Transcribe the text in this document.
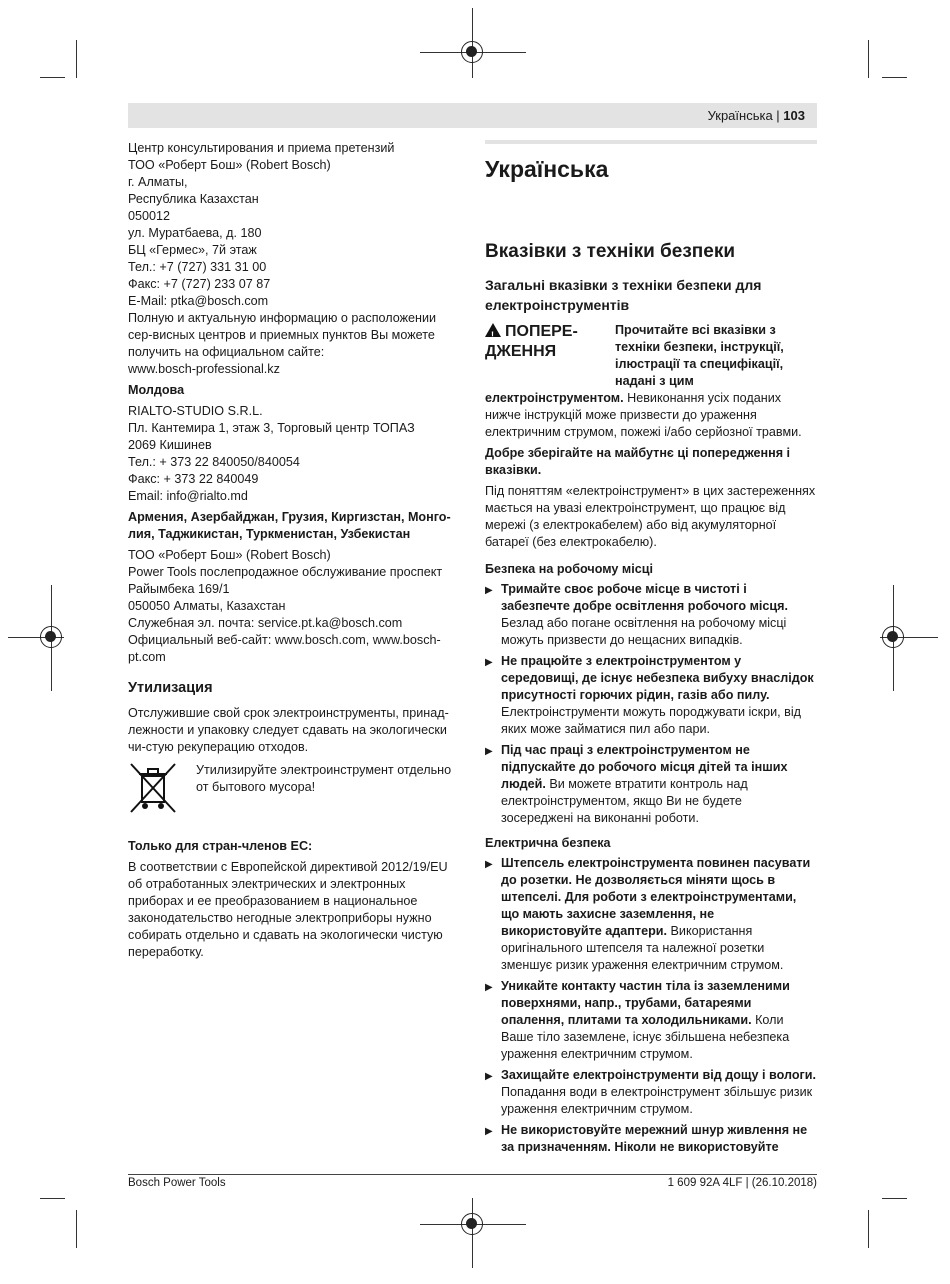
Українська | 103

Центр консультирования и приема претензий

ТОО «Роберт Бош» (Robert Bosch)

г. Алматы,

Республика Казахстан

050012

ул. Муратбаева, д. 180

БЦ «Гермес», 7й этаж

Тел.: +7 (727) 331 31 00

Факс: +7 (727) 233 07 87

E-Mail: ptka@bosch.com

Полную и актуальную информацию о расположении сер-висных центров и приемных пунктов Вы можете получить на официальном сайте:

www.bosch-professional.kz

Молдова

RIALTO-STUDIO S.R.L.

Пл. Кантемира 1, этаж 3, Торговый центр ТОПАЗ

2069 Кишинев

Тел.: + 373 22 840050/840054

Факс: + 373 22 840049

Email: info@rialto.md

Армения, Азербайджан, Грузия, Киргизстан, Монго-лия, Таджикистан, Туркменистан, Узбекистан

ТОО «Роберт Бош» (Robert Bosch)

Power Tools послепродажное обслуживание проспект Райымбека 169/1

050050 Алматы, Казахстан

Служебная эл. почта: service.pt.ka@bosch.com

Официальный веб-сайт: www.bosch.com, www.bosch-pt.com

Утилизация

Отслужившие свой срок электроинструменты, принад-лежности и упаковку следует сдавать на экологически чи-стую рекуперацию отходов.

Утилизируйте электроинструмент отдельно от бытового мусора!

Только для стран-членов ЕС:

В соответствии с Европейской директивой 2012/19/EU об отработанных электрических и электронных приборах и ее преобразованием в национальное законодательство негодные электроприборы нужно собирать отдельно и сдавать на экологически чистую переработку.

Українська

Вказівки з техніки безпеки

Загальні вказівки з техніки безпеки для електроінструментів

! ПОПЕРЕ-ДЖЕННЯ

Прочитайте всі вказівки з техніки безпеки, інструкції, ілюстрації та специфікації, надані з цим

електроінструментом. Невиконання усіх поданих нижче інструкцій може призвести до ураження електричним струмом, пожежі і/або серйозної травми.

Добре зберігайте на майбутнє ці попередження і вказівки.

Під поняттям «електроінструмент» в цих застереженнях мається на увазі електроінструмент, що працює від мережі (з електрокабелем) або від акумуляторної батареї (без електрокабелю).

Безпека на робочому місці

▶ Тримайте своє робоче місце в чистоті і забезпечте добре освітлення робочого місця. Безлад або погане освітлення на робочому місці можуть призвести до нещасних випадків.
▶ Не працюйте з електроінструментом у середовищі, де існує небезпека вибуху внаслідок присутності горючих рідин, газів або пилу. Електроінструменти можуть породжувати іскри, від яких може займатися пил або пари.
▶ Під час праці з електроінструментом не підпускайте до робочого місця дітей та інших людей. Ви можете втратити контроль над електроінструментом, якщо Ви не будете зосереджені на виконанні роботи.

Електрична безпека

▶ Штепсель електроінструмента повинен пасувати до розетки. Не дозволяється міняти щось в штепселі. Для роботи з електроінструментами, що мають захисне заземлення, не використовуйте адаптери. Використання оригінального штепселя та належної розетки зменшує ризик ураження електричним струмом.
▶ Уникайте контакту частин тіла із заземленими поверхнями, напр., трубами, батареями опалення, плитами та холодильниками. Коли Ваше тіло заземлене, існує збільшена небезпека ураження електричним струмом.
▶ Захищайте електроінструменти від дощу і вологи. Попадання води в електроінструмент збільшує ризик ураження електричним струмом.
▶ Не використовуйте мережний шнур живлення не за призначенням. Ніколи не використовуйте
Bosch Power Tools	1 609 92A 4LF | (26.10.2018)
